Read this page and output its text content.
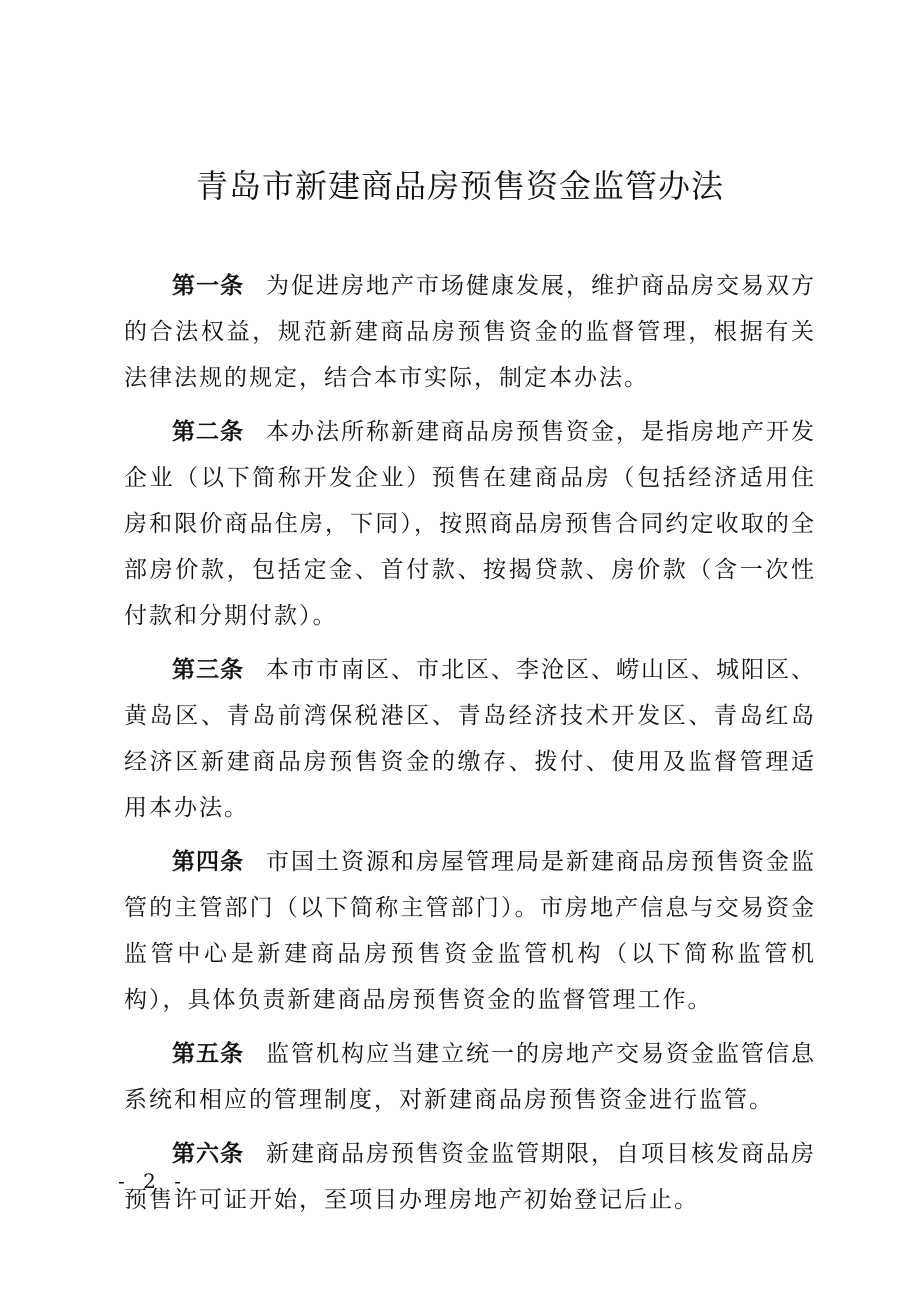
青岛市新建商品房预售资金监管办法

第一条 为促进房地产市场健康发展，维护商品房交易双方的合法权益，规范新建商品房预售资金的监督管理，根据有关法律法规的规定，结合本市实际，制定本办法。

第二条 本办法所称新建商品房预售资金，是指房地产开发企业（以下简称开发企业）预售在建商品房（包括经济适用住房和限价商品住房，下同），按照商品房预售合同约定收取的全部房价款，包括定金、首付款、按揭贷款、房价款（含一次性付款和分期付款）。

第三条 本市市南区、市北区、李沧区、崂山区、城阳区、黄岛区、青岛前湾保税港区、青岛经济技术开发区、青岛红岛经济区新建商品房预售资金的缴存、拨付、使用及监督管理适用本办法。

第四条 市国土资源和房屋管理局是新建商品房预售资金监管的主管部门（以下简称主管部门）。市房地产信息与交易资金监管中心是新建商品房预售资金监管机构（以下简称监管机构），具体负责新建商品房预售资金的监督管理工作。

第五条 监管机构应当建立统一的房地产交易资金监管信息系统和相应的管理制度，对新建商品房预售资金进行监管。

第六条 新建商品房预售资金监管期限，自项目核发商品房预售许可证开始，至项目办理房地产初始登记后止。

- 2 -
